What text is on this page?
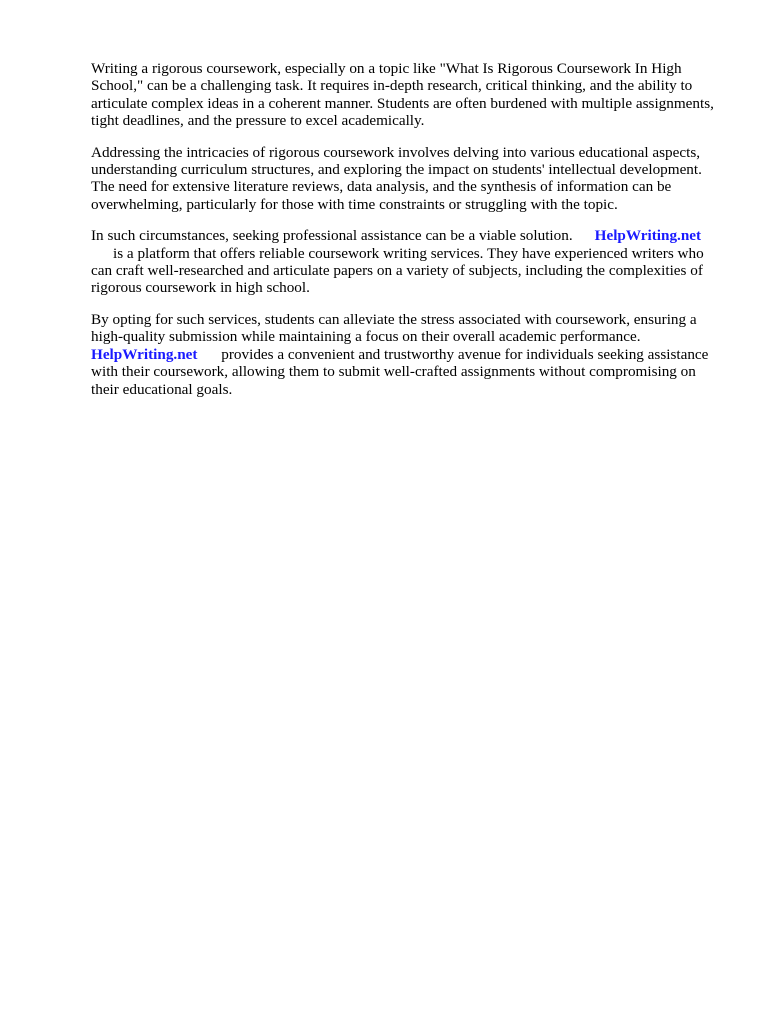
Writing a rigorous coursework, especially on a topic like "What Is Rigorous Coursework In High School," can be a challenging task. It requires in-depth research, critical thinking, and the ability to articulate complex ideas in a coherent manner. Students are often burdened with multiple assignments, tight deadlines, and the pressure to excel academically.

Addressing the intricacies of rigorous coursework involves delving into various educational aspects, understanding curriculum structures, and exploring the impact on students' intellectual development. The need for extensive literature reviews, data analysis, and the synthesis of information can be overwhelming, particularly for those with time constraints or struggling with the topic.

In such circumstances, seeking professional assistance can be a viable solution. HelpWriting.net
is a platform that offers reliable coursework writing services. They have experienced writers who can craft well-researched and articulate papers on a variety of subjects, including the complexities of rigorous coursework in high school.

By opting for such services, students can alleviate the stress associated with coursework, ensuring a high-quality submission while maintaining a focus on their overall academic performance.
HelpWriting.net provides a convenient and trustworthy avenue for individuals seeking assistance with their coursework, allowing them to submit well-crafted assignments without compromising on their educational goals.
